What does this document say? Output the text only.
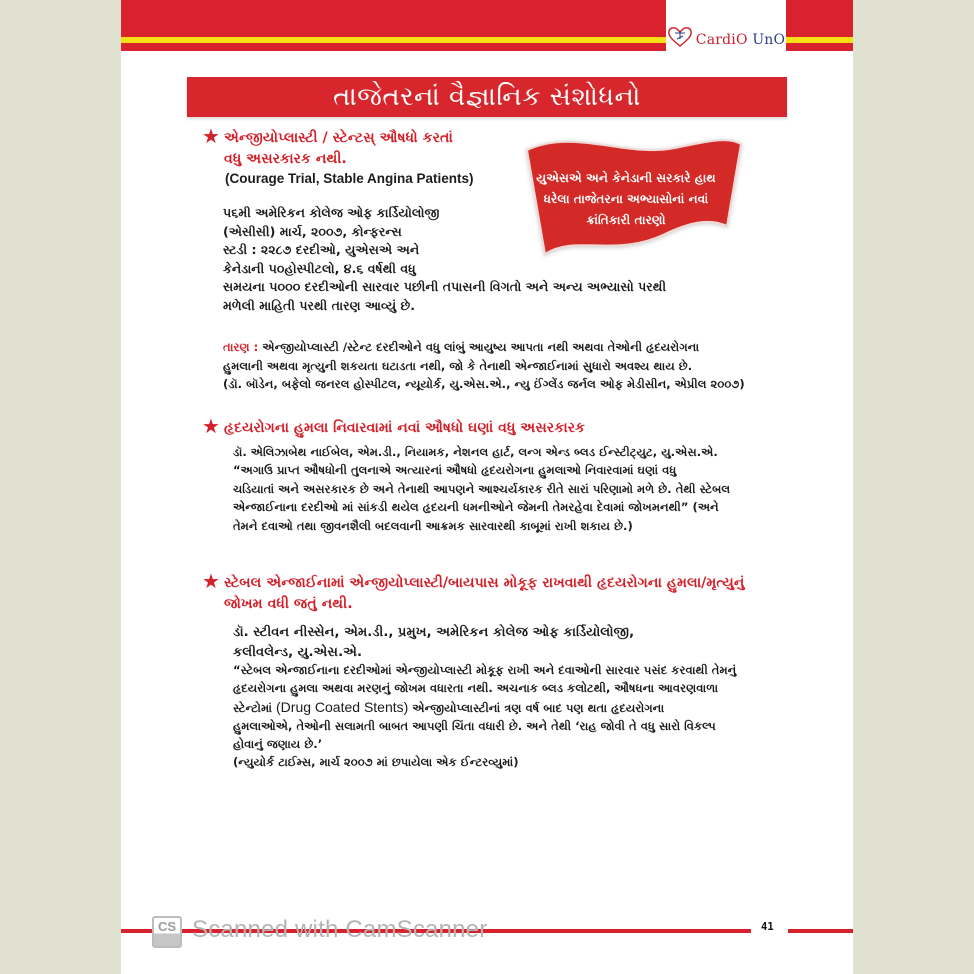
CardiO UnO
તાજેતરનાં વૈજ્ઞાનિક સંશોધનો
★ એન્જીયોપ્લાસ્ટી / સ્ટેન્ટસ્ ઔષધો કરતાં
વધુ અસરકારક નથી.
(Courage Trial, Stable Angina Patients)
૫૬મી અમેરિકન કોલેજ ઓફ કાર્ડિયોલોજી
(એસીસી) માર્ચ, ૨૦૦૭, કોન્ફરન્સ
સ્ટડી : ૨૨૮૭ દરદીઓ, યુએસએ અને
કેનેડાની ૫૦હોસ્પીટલો, ૪.૬ વર્ષથી વધુ
સમયના ૫૦૦૦ દરદીઓની સારવાર પછીની તપાસની વિગતો અને અન્ય અભ્યાસો પરથી
મળેલી માહિતી પરથી તારણ આવ્યું છે.
યુએસએ અને કેનેડાની સરકારે હાથ
ધરેલા તાજેતરના અભ્યાસોનાં નવાં
ક્રાંતિકારી તારણો
તારણ : એન્જીયોપ્લાસ્ટી /સ્ટેન્ટ દરદીઓને વધુ લાંબું આયુષ્ય આપતા નથી અથવા તેઓની હૃદયરોગના
હુમલાની અથવા મૃત્યુની શકયતા ઘટાડતા નથી, જો કે તેનાથી એન્જાઈનામાં સુધારો અવશ્ય થાય છે.
(ડૉ. બૉડેન, બફેલો જનરલ હોસ્પીટલ, ન્યૂયોર્ક, યુ.એસ.એ., ન્યુ ઈંગ્લેંડ જર્નલ ઓફ મેડીસીન, એપ્રીલ ૨૦૦૭)
★ હૃદયરોગના હુમલા નિવારવામાં નવાં ઔષધો ઘણાં વધુ અસરકારક
ડૉ. એલિઝાબેથ નાઈબેલ, એમ.ડી., નિયામક, નેશનલ હાર્ટ, લન્ગ એન્ડ બ્લડ ઈન્સ્ટીટ્યુટ, યુ.એસ.એ.
“અગાઉ પ્રાપ્ત ઔષધોની તુલનાએ અત્યારનાં ઔષધો હૃદયરોગના હુમલાઓ નિવારવામાં ઘણાં વધુ
ચડિયાતાં અને અસરકારક છે અને તેનાથી આપણને આશ્ચર્યકારક રીતે સારાં પરિણામો મળે છે. તેથી સ્ટેબલ
એન્જાઈનાના દરદીઓ માં સાંકડી થયેલ હૃદયની ધમનીઓને જેમની તેમરહેવા દેવામાં જોખમનથી” (અને
તેમને દવાઓ તથા જીવનશૈલી બદલવાની આક્રમક સારવારથી કાબૂમાં રાખી શકાય છે.)
★ સ્ટેબલ એન્જાઈનામાં એન્જીયોપ્લાસ્ટી/બાયપાસ મોકૂફ રાખવાથી હૃદયરોગના હુમલા/મૃત્યુનું
જોખમ વધી જતું નથી.
ડૉ. સ્ટીવન નીસ્સેન, એમ.ડી., પ્રમુખ, અમેરિકન કોલેજ ઓફ કાર્ડિયોલોજી,
કલીવલેન્ડ, યુ.એસ.એ.
“સ્ટેબલ એન્જાઈનાના દરદીઓમાં એન્જીયોપ્લાસ્ટી મોકૂફ રાખી અને દવાઓની સારવાર પસંદ કરવાથી તેમનું
હૃદયરોગના હુમલા અથવા મરણનું જોખમ વધારતા નથી. અચનાક બ્લડ કલોટથી, ઔષધના આવરણવાળા
સ્ટેન્ટોમાં (Drug Coated Stents) એન્જીયોપ્લાસ્ટીનાં ત્રણ વર્ષ બાદ પણ થતા હૃદયરોગના
હુમલાઓએ, તેઓની સલામતી બાબત આપણી ચિંતા વધારી છે. અને તેથી ‘રાહ જોવી તે વધુ સારો વિકલ્પ
હોવાનું જણાય છે.’
(ન્યુયોર્ક ટાઈમ્સ, માર્ચ ૨૦૦૭ માં છપાયેલા એક ઈન્ટરવ્યુમાં)
41
CS Scanned with CamScanner
